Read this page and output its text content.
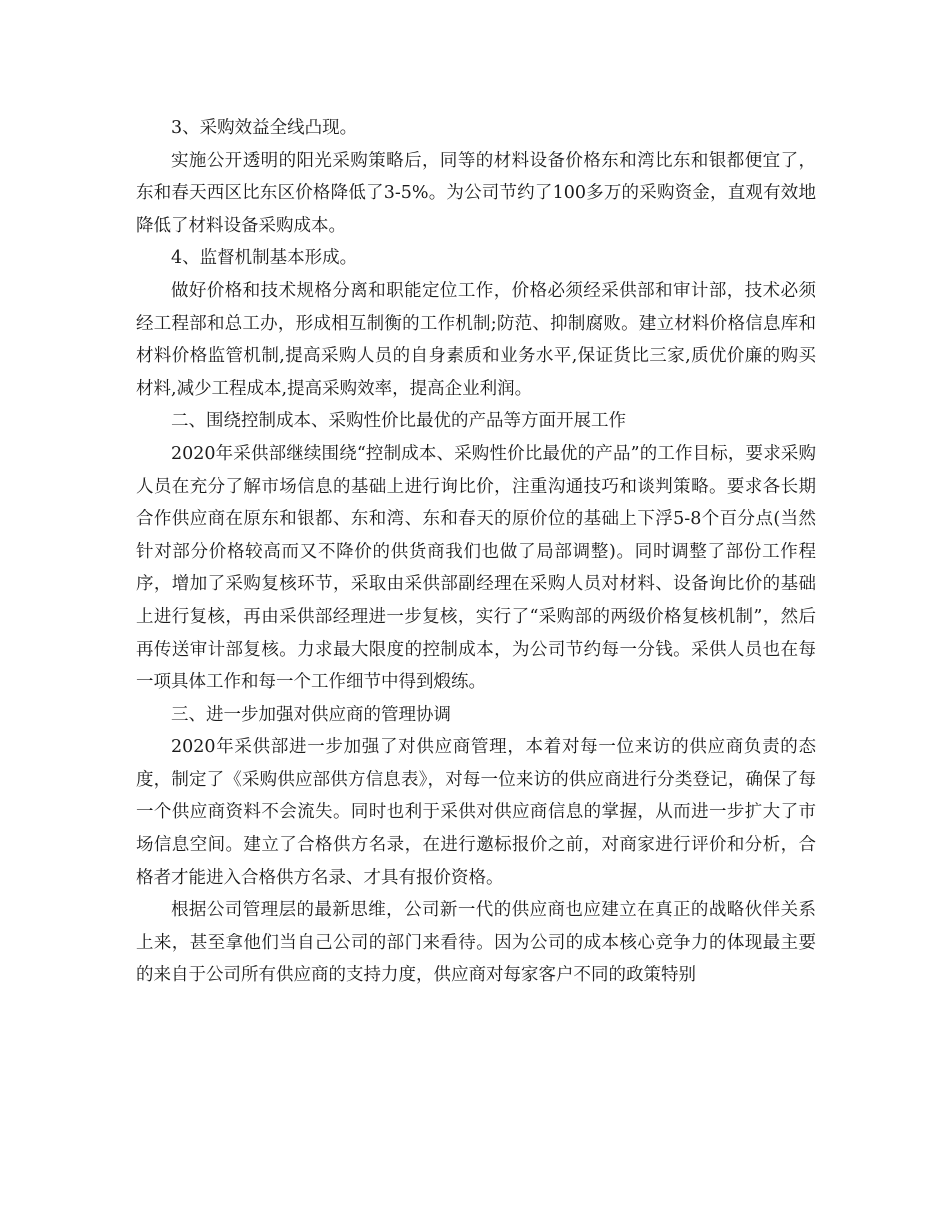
3、采购效益全线凸现。

实施公开透明的阳光采购策略后，同等的材料设备价格东和湾比东和银都便宜了，东和春天西区比东区价格降低了3-5%。为公司节约了100多万的采购资金，直观有效地降低了材料设备采购成本。

4、监督机制基本形成。

做好价格和技术规格分离和职能定位工作，价格必须经采供部和审计部，技术必须经工程部和总工办，形成相互制衡的工作机制;防范、抑制腐败。建立材料价格信息库和材料价格监管机制,提高采购人员的自身素质和业务水平,保证货比三家,质优价廉的购买材料,减少工程成本,提高采购效率，提高企业利润。

二、围绕控制成本、采购性价比最优的产品等方面开展工作

2020年采供部继续围绕“控制成本、采购性价比最优的产品”的工作目标，要求采购人员在充分了解市场信息的基础上进行询比价，注重沟通技巧和谈判策略。要求各长期合作供应商在原东和银都、东和湾、东和春天的原价位的基础上下浮5-8个百分点(当然针对部分价格较高而又不降价的供货商我们也做了局部调整)。同时调整了部份工作程序，增加了采购复核环节，采取由采供部副经理在采购人员对材料、设备询比价的基础上进行复核，再由采供部经理进一步复核，实行了“采购部的两级价格复核机制”，然后再传送审计部复核。力求最大限度的控制成本，为公司节约每一分钱。采供人员也在每一项具体工作和每一个工作细节中得到煅练。

三、进一步加强对供应商的管理协调

2020年采供部进一步加强了对供应商管理，本着对每一位来访的供应商负责的态度，制定了《采购供应部供方信息表》，对每一位来访的供应商进行分类登记，确保了每一个供应商资料不会流失。同时也利于采供对供应商信息的掌握，从而进一步扩大了市场信息空间。建立了合格供方名录，在进行邀标报价之前，对商家进行评价和分析，合格者才能进入合格供方名录、才具有报价资格。

根据公司管理层的最新思维，公司新一代的供应商也应建立在真正的战略伙伴关系上来，甚至拿他们当自己公司的部门来看待。因为公司的成本核心竞争力的体现最主要的来自于公司所有供应商的支持力度，供应商对每家客户不同的政策特别
